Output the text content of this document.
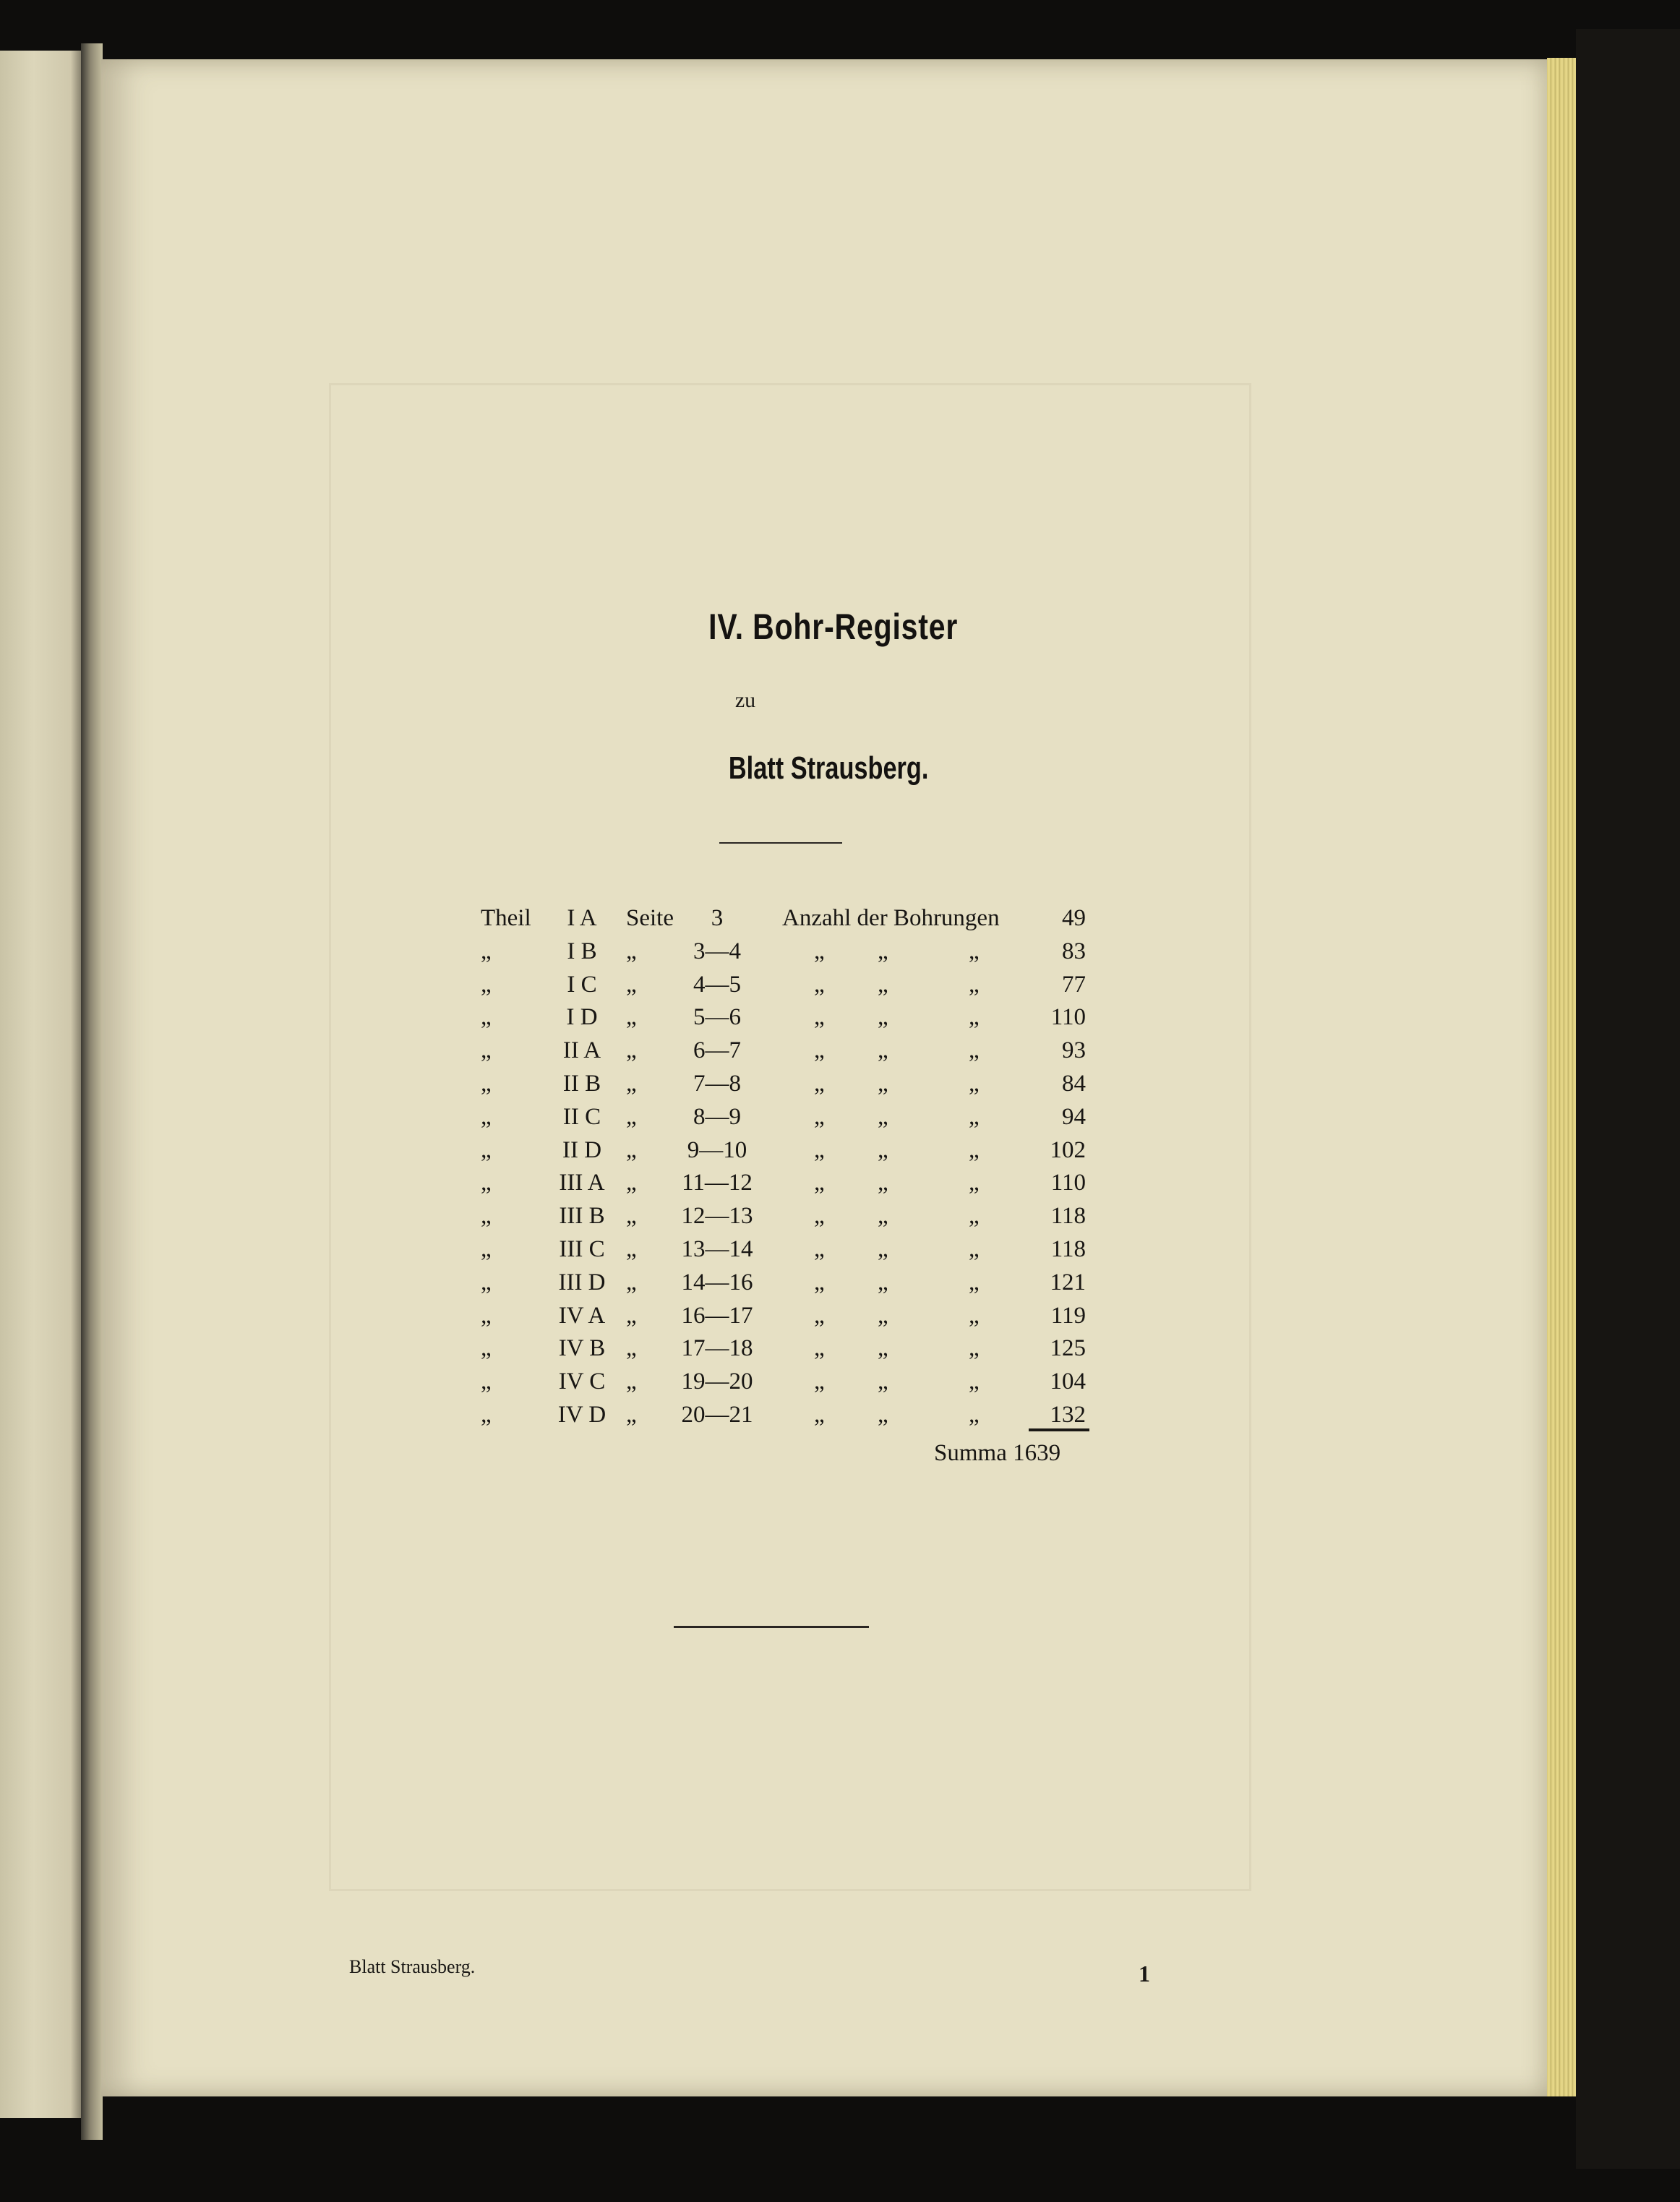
IV. Bohr-Register
zu
Blatt Strausberg.
Theil	I A	Seite	3	Anzahl der Bohrungen	49
„	I B	„	3—4	„ „	„	83
„	I C	„	4—5	„ „	„	77
„	I D	„	5—6	„ „	„	110
„	II A	„	6—7	„ „	„	93
„	II B	„	7—8	„ „	„	84
„	II C	„	8—9	„ „	„	94
„	II D	„ 9—10	„ „	„	102
„	III A „ 11—12	„ „	„	110
„	III B „ 12—13	„ „	„	118
„	III C „ 13—14	„ „	„	118
„	III D „ 14—16	„ „	„	121
„	IV A „ 16—17	„ „	„	119
„	IV B „ 17—18	„ „	„	125
„	IV C „ 19—20	„ „	„	104
„	IV D „ 20—21	„ „	„	132
Summa 1639
Blatt Strausberg.	1
